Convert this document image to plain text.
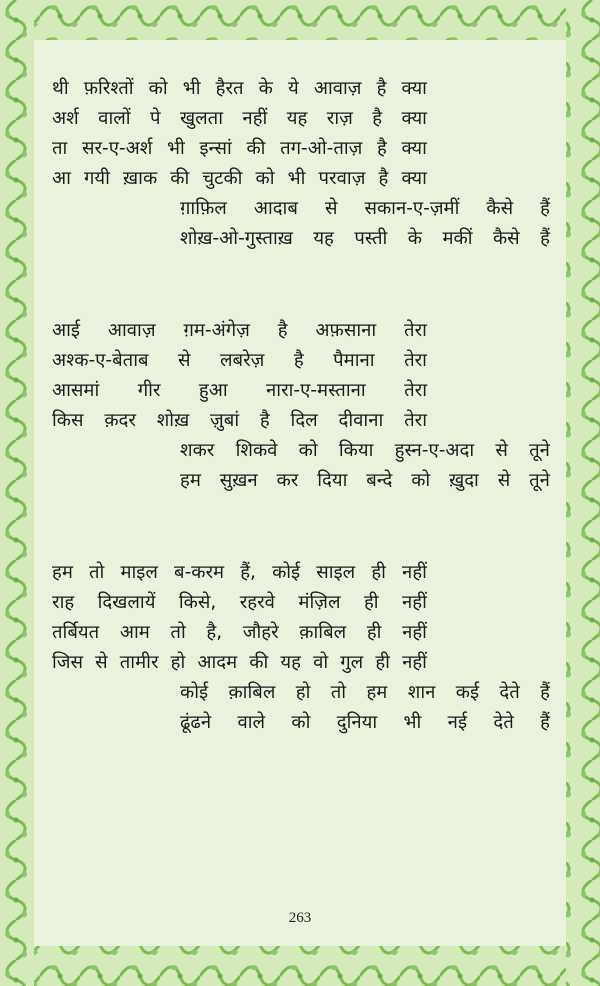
थी फ़रिश्तों को भी हैरत के ये आवाज़ है क्या
अर्श वालों पे खुलता नहीं यह राज़ है क्या
ता सर-ए-अर्श भी इन्सां की तग-ओ-ताज़ है क्या
आ गयी ख़ाक की चुटकी को भी परवाज़ है क्या
ग़ाफ़िल आदाब से सकान-ए-ज़मीं कैसे हैं
शोख़-ओ-गुस्ताख़ यह पस्ती के मकीं कैसे हैं
आई आवाज़ ग़म-अंगेज़ है अफ़साना तेरा
अश्क-ए-बेताब से लबरेज़ है पैमाना तेरा
आसमां गीर हुआ नारा-ए-मस्ताना तेरा
किस क़दर शोख़ ज़ुबां है दिल दीवाना तेरा
शकर शिकवे को किया हुस्न-ए-अदा से तूने
हम सुख़न कर दिया बन्दे को ख़ुदा से तूने
हम तो माइल ब-करम हैं, कोई साइल ही नहीं
राह दिखलायें किसे, रहरवे मंज़िल ही नहीं
तर्बियत आम तो है, जौहरे क़ाबिल ही नहीं
जिस से तामीर हो आदम की यह वो गुल ही नहीं
कोई क़ाबिल हो तो हम शान कई देते हैं
ढूंढने वाले को दुनिया भी नई देते हैं
263
